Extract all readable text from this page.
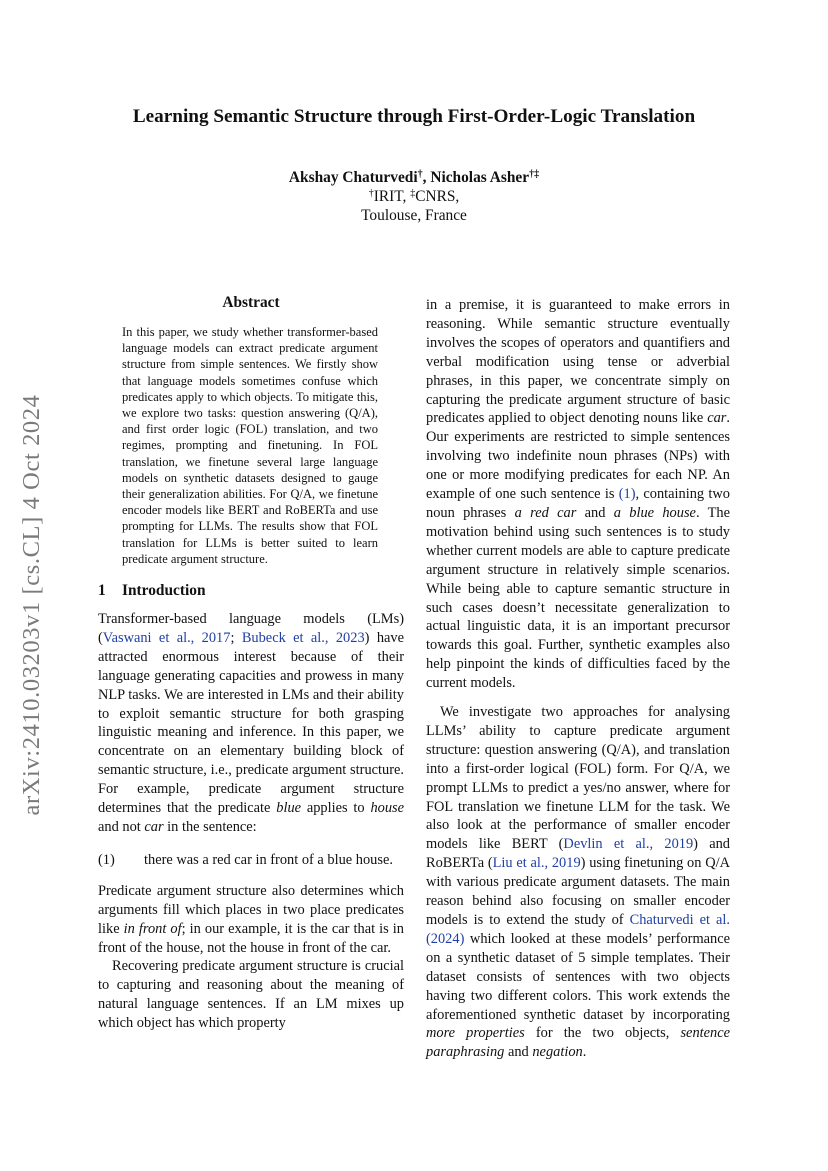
arXiv:2410.03203v1 [cs.CL] 4 Oct 2024
Learning Semantic Structure through First-Order-Logic Translation
Akshay Chaturvedi†, Nicholas Asher†‡
†IRIT, ‡CNRS,
Toulouse, France
Abstract
In this paper, we study whether transformer-based language models can extract predicate argument structure from simple sentences. We firstly show that language models sometimes confuse which predicates apply to which objects. To mitigate this, we explore two tasks: question answering (Q/A), and first order logic (FOL) translation, and two regimes, prompting and finetuning. In FOL translation, we finetune several large language models on synthetic datasets designed to gauge their generalization abilities. For Q/A, we finetune encoder models like BERT and RoBERTa and use prompting for LLMs. The results show that FOL translation for LLMs is better suited to learn predicate argument structure.
1 Introduction

Transformer-based language models (LMs) (Vaswani et al., 2017; Bubeck et al., 2023) have attracted enormous interest because of their language generating capacities and prowess in many NLP tasks. We are interested in LMs and their ability to exploit semantic structure for both grasping linguistic meaning and inference. In this paper, we concentrate on an elementary building block of semantic structure, i.e., predicate argument structure. For example, predicate argument structure determines that the predicate blue applies to house and not car in the sentence:

(1)	there was a red car in front of a blue house.

Predicate argument structure also determines which arguments fill which places in two place predicates like in front of; in our example, it is the car that is in front of the house, not the house in front of the car.

Recovering predicate argument structure is crucial to capturing and reasoning about the meaning of natural language sentences. If an LM mixes up which object has which property

in a premise, it is guaranteed to make errors in reasoning. While semantic structure eventually involves the scopes of operators and quantifiers and verbal modification using tense or adverbial phrases, in this paper, we concentrate simply on capturing the predicate argument structure of basic predicates applied to object denoting nouns like car. Our experiments are restricted to simple sentences involving two indefinite noun phrases (NPs) with one or more modifying predicates for each NP. An example of one such sentence is (1), containing two noun phrases a red car and a blue house. The motivation behind using such sentences is to study whether current models are able to capture predicate argument structure in relatively simple scenarios. While being able to capture semantic structure in such cases doesn’t necessitate generalization to actual linguistic data, it is an important precursor towards this goal. Further, synthetic examples also help pinpoint the kinds of difficulties faced by the current models.

We investigate two approaches for analysing LLMs’ ability to capture predicate argument structure: question answering (Q/A), and translation into a first-order logical (FOL) form. For Q/A, we prompt LLMs to predict a yes/no answer, where for FOL translation we finetune LLM for the task. We also look at the performance of smaller encoder models like BERT (Devlin et al., 2019) and RoBERTa (Liu et al., 2019) using finetuning on Q/A with various predicate argument datasets. The main reason behind also focusing on smaller encoder models is to extend the study of Chaturvedi et al. (2024) which looked at these models’ performance on a synthetic dataset of 5 simple templates. Their dataset consists of sentences with two objects having two different colors. This work extends the aforementioned synthetic dataset by incorporating more properties for the two objects, sentence paraphrasing and negation.
